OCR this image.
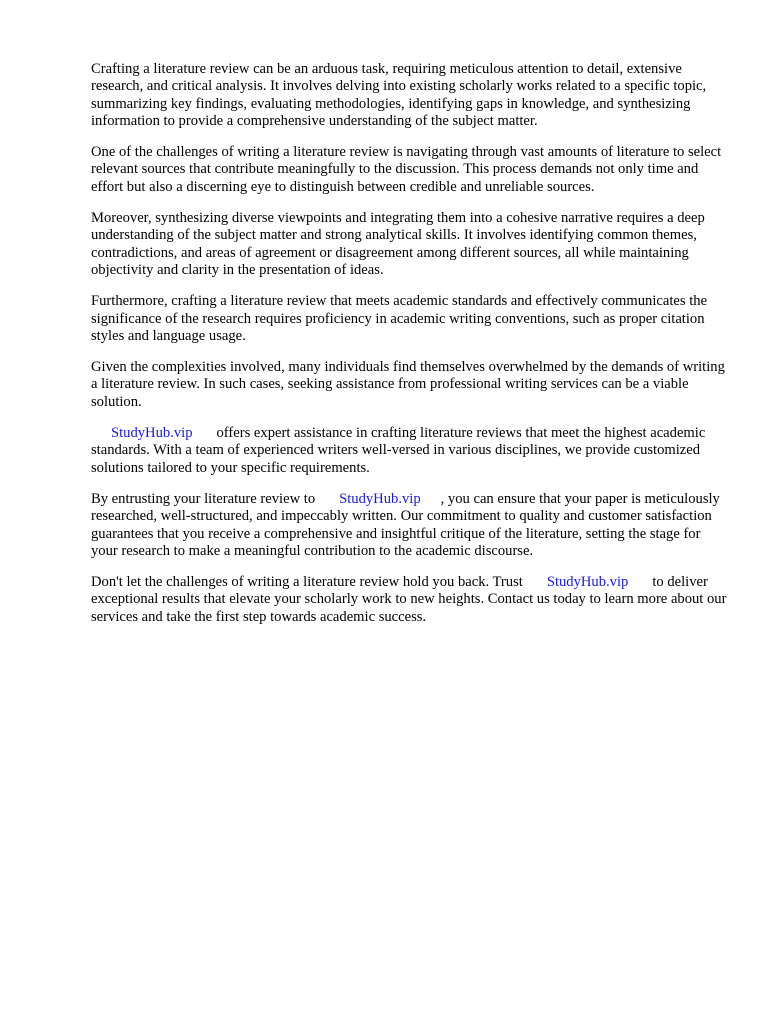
Crafting a literature review can be an arduous task, requiring meticulous attention to detail, extensive research, and critical analysis. It involves delving into existing scholarly works related to a specific topic, summarizing key findings, evaluating methodologies, identifying gaps in knowledge, and synthesizing information to provide a comprehensive understanding of the subject matter.

One of the challenges of writing a literature review is navigating through vast amounts of literature to select relevant sources that contribute meaningfully to the discussion. This process demands not only time and effort but also a discerning eye to distinguish between credible and unreliable sources.

Moreover, synthesizing diverse viewpoints and integrating them into a cohesive narrative requires a deep understanding of the subject matter and strong analytical skills. It involves identifying common themes, contradictions, and areas of agreement or disagreement among different sources, all while maintaining objectivity and clarity in the presentation of ideas.

Furthermore, crafting a literature review that meets academic standards and effectively communicates the significance of the research requires proficiency in academic writing conventions, such as proper citation styles and language usage.

Given the complexities involved, many individuals find themselves overwhelmed by the demands of writing a literature review. In such cases, seeking assistance from professional writing services can be a viable solution.

StudyHub.vip offers expert assistance in crafting literature reviews that meet the highest academic standards. With a team of experienced writers well-versed in various disciplines, we provide customized solutions tailored to your specific requirements.

By entrusting your literature review to StudyHub.vip , you can ensure that your paper is meticulously researched, well-structured, and impeccably written. Our commitment to quality and customer satisfaction guarantees that you receive a comprehensive and insightful critique of the literature, setting the stage for your research to make a meaningful contribution to the academic discourse.

Don't let the challenges of writing a literature review hold you back. Trust StudyHub.vip to deliver exceptional results that elevate your scholarly work to new heights. Contact us today to learn more about our services and take the first step towards academic success.
